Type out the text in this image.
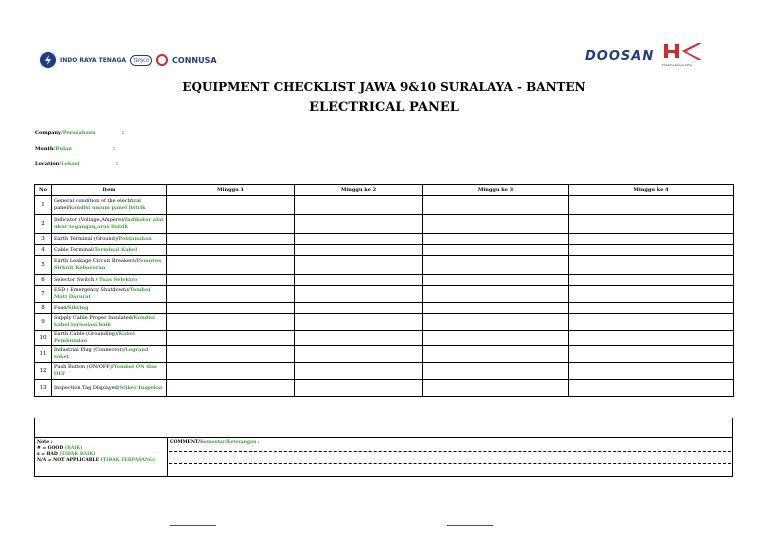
INDO RAYA TENAGA	TEPSCO	CONNUSA	DOOSAN
Hutama Karya Infra
EQUIPMENT CHECKLIST JAWA 9&10 SURALAYA - BANTEN
ELECTRICAL PANEL
Company/Perusahaan	:
Month/Bulan	:
Location/Lokasi	:
No	Item	Minggu 1	Minggu ke 2	Minggu ke 3	Minggu ke 4
1	General condition of the electrical panel/kondisi umum panel listrik				
2	Indicator (Voltage,Ampere)/Indikator alat ukur tegangan,arus listrik				
3	Earth Terminal (Ground)/Pentanahan				
4	Cable Terminal/Terminal Kabel				
5	Earth Leakage Circuit Breakers/Pemutus Sirkuit Kebocoran				
6	Selector Switch / Tuas Selektro				
7	ESD ( Emergency Shutdown)/Tombol Mati Darurat				
8	Fuse/Sikring				
9	Supply Cable Proper Insulated/Kondisi kabel terisolasi baik				
10	Earth Cable (Grounding)/Kabel Pembumian				
11	Industrial Plug (Connector)/Legrand soket				
12	Push Button (ON/OFF)/Tombol ON dan OFF				
13	Inspection Tag Displayed/Stiker Inspeksi				
Note :
# = GOOD (BAIK)
x = BAD (TIDAK BAIK)
N/A = NOT APPLICABLE (TIDAK TERPASANG)
COMMENT/Komentar/Keterangan :
